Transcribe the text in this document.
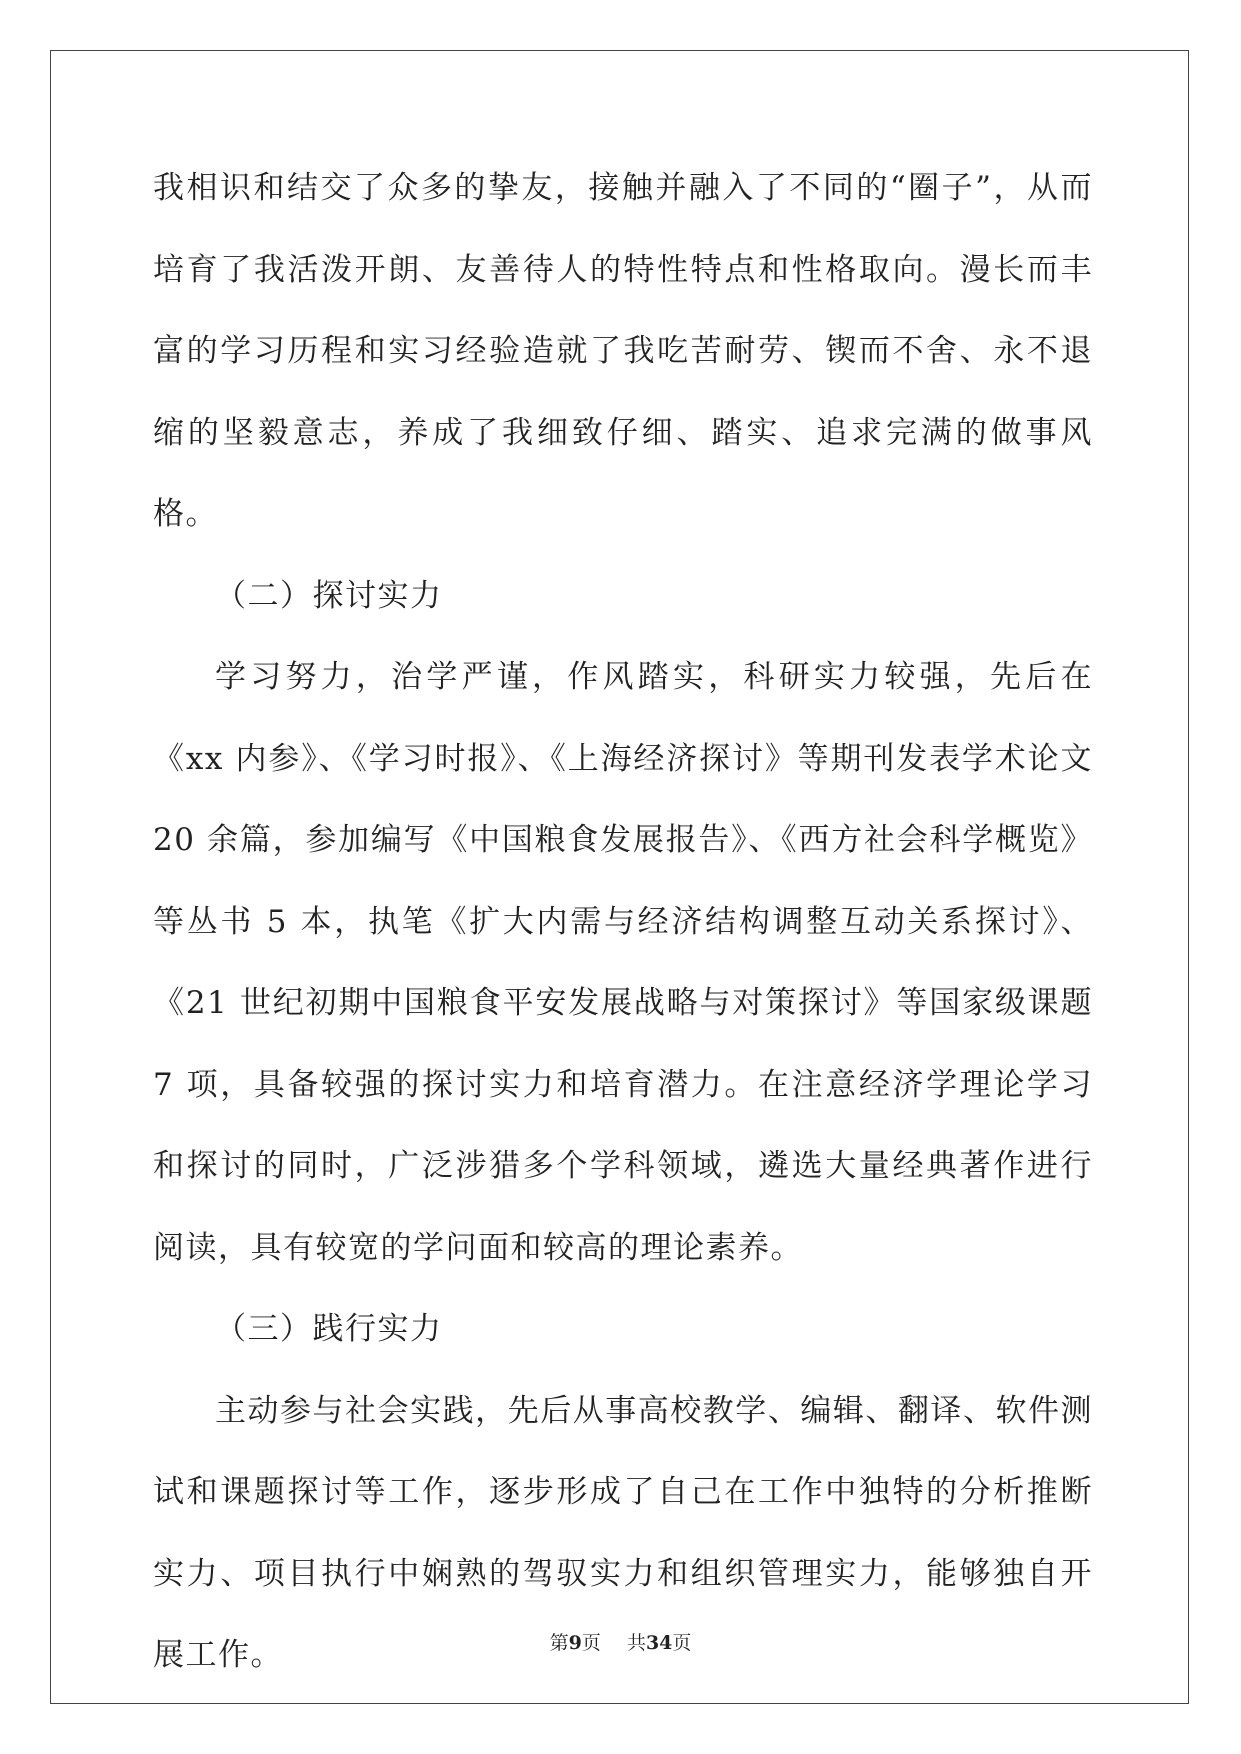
我相识和结交了众多的挚友，接触并融入了不同的“圈子”，从而培育了我活泼开朗、友善待人的特性特点和性格取向。漫长而丰富的学习历程和实习经验造就了我吃苦耐劳、锲而不舍、永不退缩的坚毅意志，养成了我细致仔细、踏实、追求完满的做事风格。

（二）探讨实力

学习努力，治学严谨，作风踏实，科研实力较强，先后在《xx 内参》、《学习时报》、《上海经济探讨》等期刊发表学术论文 20 余篇，参加编写《中国粮食发展报告》、《西方社会科学概览》等丛书 5 本，执笔《扩大内需与经济结构调整互动关系探讨》、《21 世纪初期中国粮食平安发展战略与对策探讨》等国家级课题 7 项，具备较强的探讨实力和培育潜力。在注意经济学理论学习和探讨的同时，广泛涉猎多个学科领域，遴选大量经典著作进行阅读，具有较宽的学问面和较高的理论素养。

（三）践行实力

主动参与社会实践，先后从事高校教学、编辑、翻译、软件测试和课题探讨等工作，逐步形成了自己在工作中独特的分析推断实力、项目执行中娴熟的驾驭实力和组织管理实力，能够独自开展工作。	第9页 共34页
